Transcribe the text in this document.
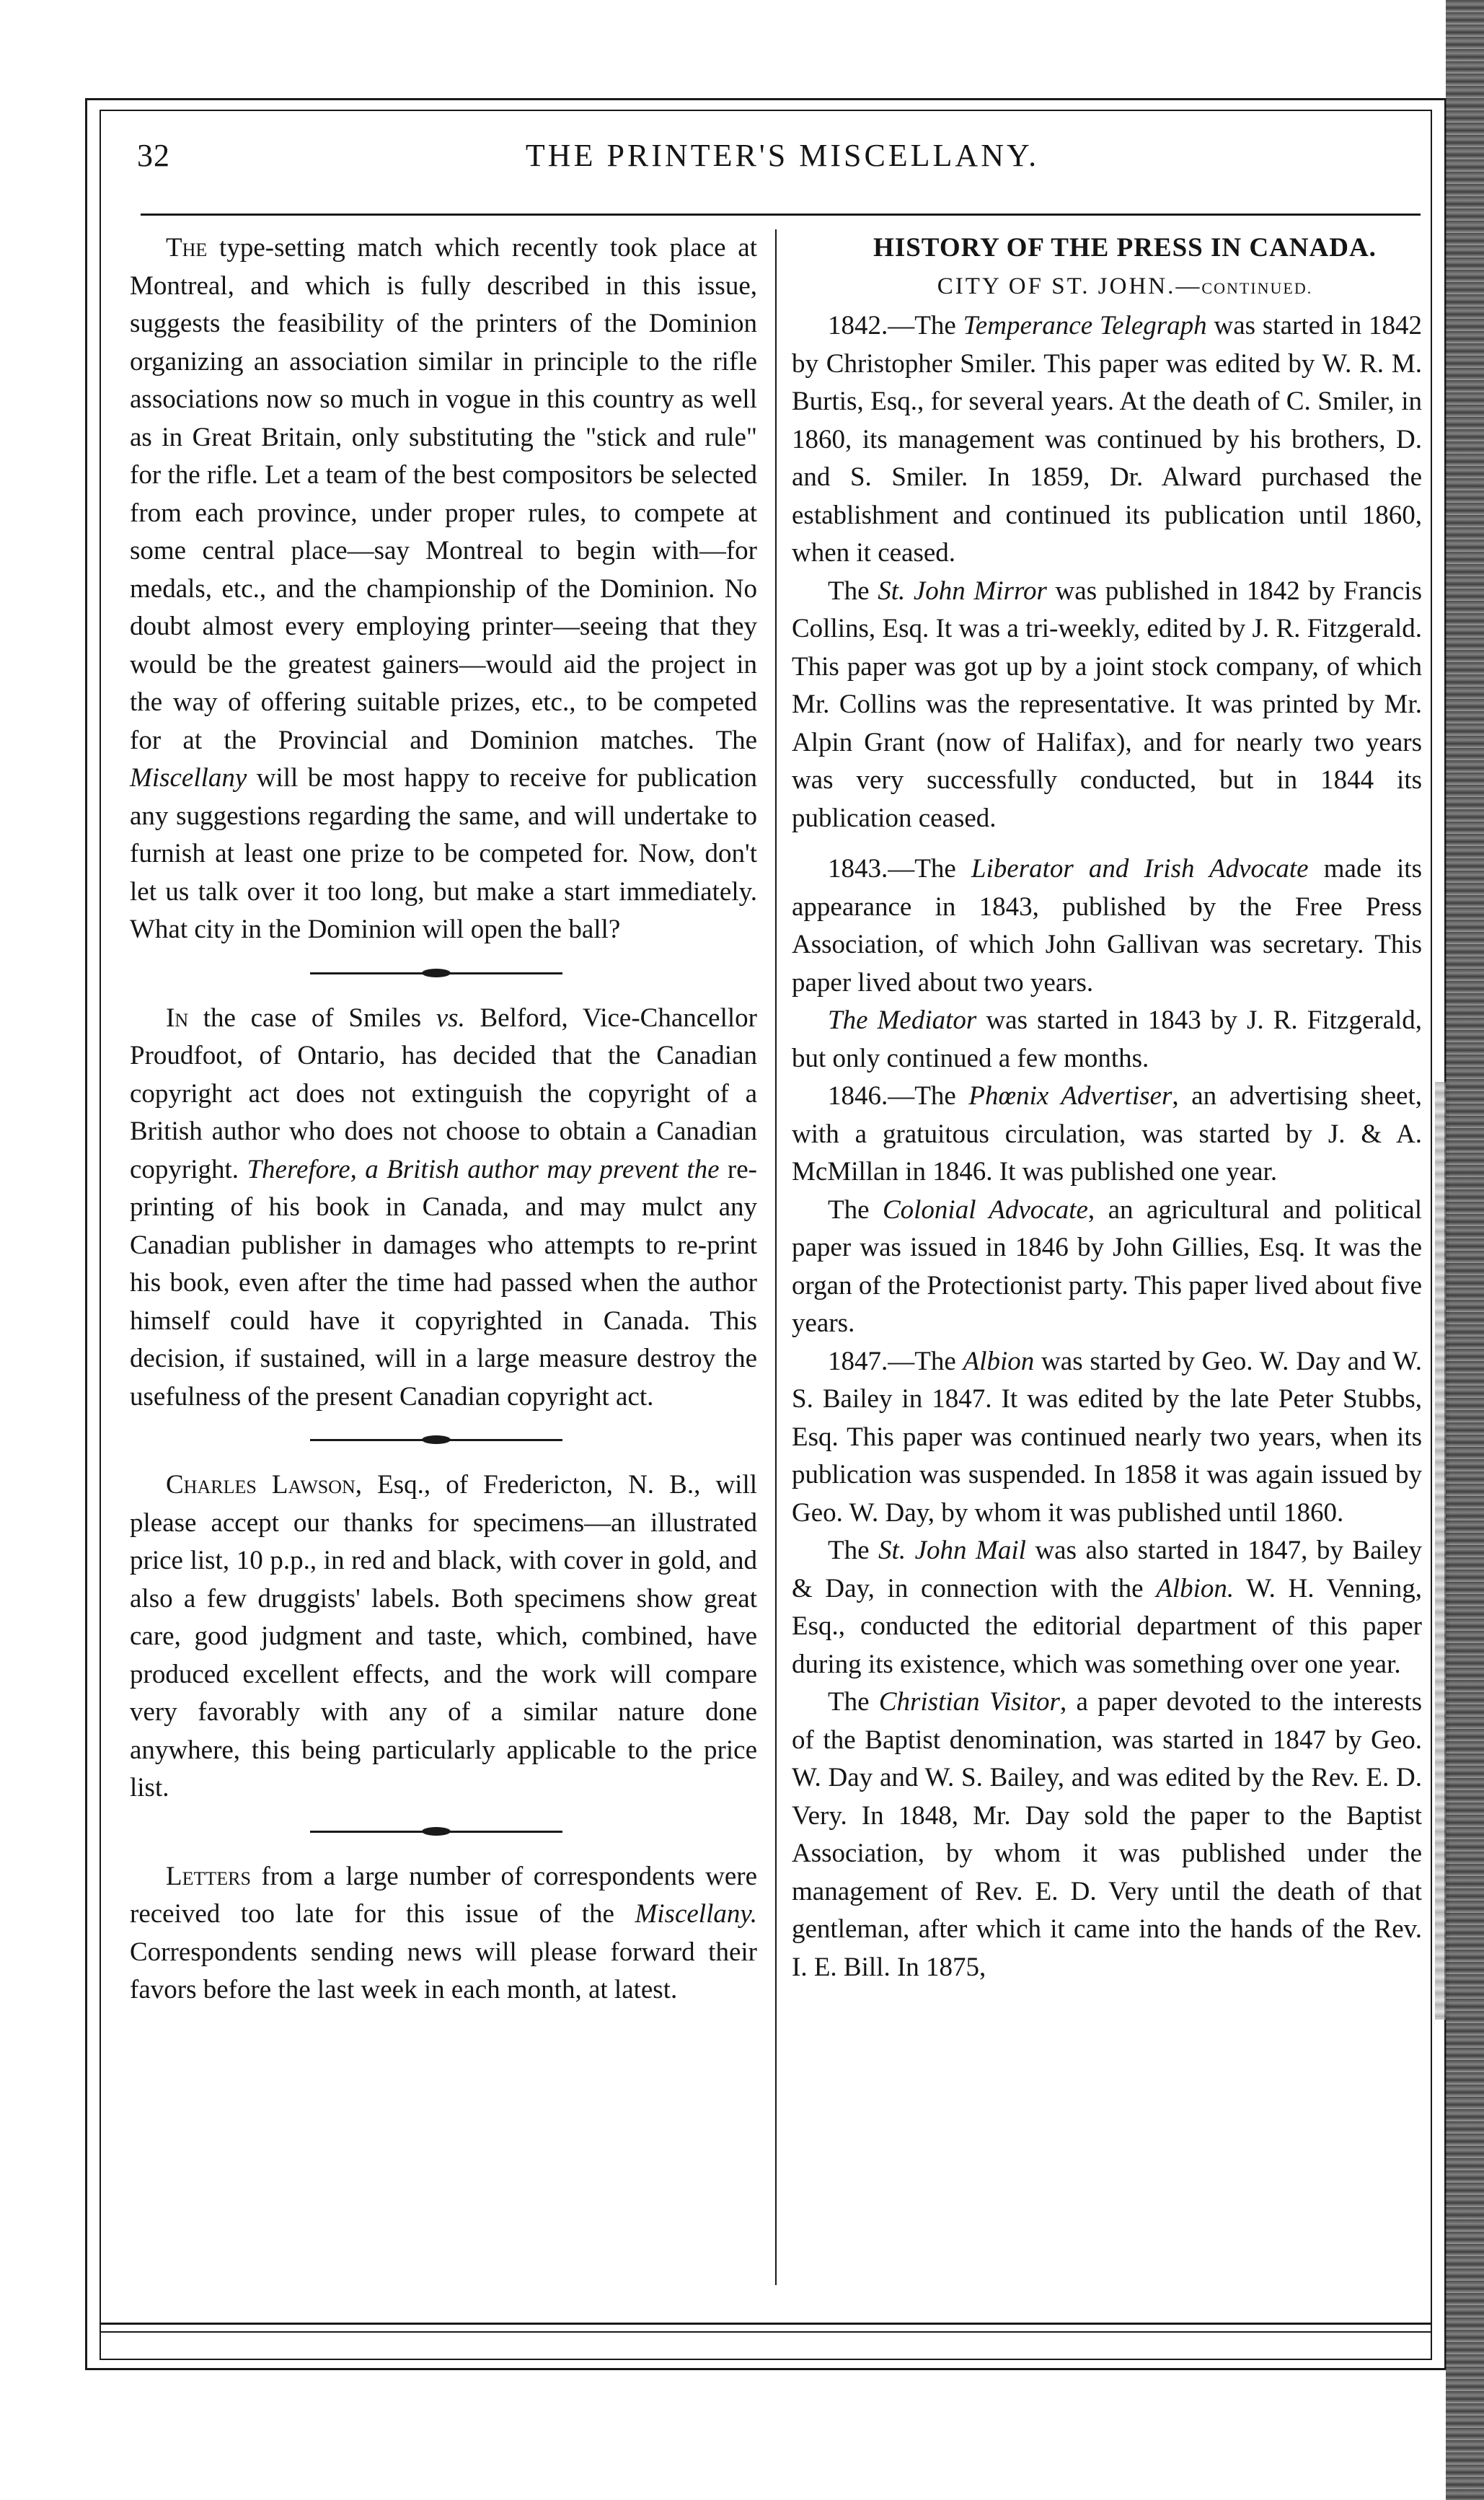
32	THE PRINTER'S MISCELLANY.

The type-setting match which recently took place at Montreal, and which is fully described in this issue, suggests the feasibility of the printers of the Dominion organizing an association similar in principle to the rifle associations now so much in vogue in this country as well as in Great Britain, only substituting the "stick and rule" for the rifle. Let a team of the best compositors be selected from each province, under proper rules, to compete at some central place—say Montreal to begin with—for medals, etc., and the championship of the Dominion. No doubt almost every employing printer—seeing that they would be the greatest gainers—would aid the project in the way of offering suitable prizes, etc., to be competed for at the Provincial and Dominion matches. The Miscellany will be most happy to receive for publication any suggestions regarding the same, and will undertake to furnish at least one prize to be competed for. Now, don't let us talk over it too long, but make a start immediately. What city in the Dominion will open the ball?

In the case of Smiles vs. Belford, Vice-Chancellor Proudfoot, of Ontario, has decided that the Canadian copyright act does not extinguish the copyright of a British author who does not choose to obtain a Canadian copyright. Therefore, a British author may prevent the re-printing of his book in Canada, and may mulct any Canadian publisher in damages who attempts to re-print his book, even after the time had passed when the author himself could have it copyrighted in Canada. This decision, if sustained, will in a large measure destroy the usefulness of the present Canadian copyright act.

Charles Lawson, Esq., of Fredericton, N. B., will please accept our thanks for specimens—an illustrated price list, 10 p.p., in red and black, with cover in gold, and also a few druggists' labels. Both specimens show great care, good judgment and taste, which, combined, have produced excellent effects, and the work will compare very favorably with any of a similar nature done anywhere, this being particularly applicable to the price list.

Letters from a large number of correspondents were received too late for this issue of the Miscellany. Correspondents sending news will please forward their favors before the last week in each month, at latest.

HISTORY OF THE PRESS IN CANADA.

CITY OF ST. JOHN.—CONTINUED.

1842.—The Temperance Telegraph was started in 1842 by Christopher Smiler. This paper was edited by W. R. M. Burtis, Esq., for several years. At the death of C. Smiler, in 1860, its management was continued by his brothers, D. and S. Smiler. In 1859, Dr. Alward purchased the establishment and continued its publication until 1860, when it ceased.

The St. John Mirror was published in 1842 by Francis Collins, Esq. It was a tri-weekly, edited by J. R. Fitzgerald. This paper was got up by a joint stock company, of which Mr. Collins was the representative. It was printed by Mr. Alpin Grant (now of Halifax), and for nearly two years was very successfully conducted, but in 1844 its publication ceased.

1843.—The Liberator and Irish Advocate made its appearance in 1843, published by the Free Press Association, of which John Gallivan was secretary. This paper lived about two years.

The Mediator was started in 1843 by J. R. Fitzgerald, but only continued a few months.

1846.—The Phœnix Advertiser, an advertising sheet, with a gratuitous circulation, was started by J. & A. McMillan in 1846. It was published one year.

The Colonial Advocate, an agricultural and political paper was issued in 1846 by John Gillies, Esq. It was the organ of the Protectionist party. This paper lived about five years.

1847.—The Albion was started by Geo. W. Day and W. S. Bailey in 1847. It was edited by the late Peter Stubbs, Esq. This paper was continued nearly two years, when its publication was suspended. In 1858 it was again issued by Geo. W. Day, by whom it was published until 1860.

The St. John Mail was also started in 1847, by Bailey & Day, in connection with the Albion. W. H. Venning, Esq., conducted the editorial department of this paper during its existence, which was something over one year.

The Christian Visitor, a paper devoted to the interests of the Baptist denomination, was started in 1847 by Geo. W. Day and W. S. Bailey, and was edited by the Rev. E. D. Very. In 1848, Mr. Day sold the paper to the Baptist Association, by whom it was published under the management of Rev. E. D. Very until the death of that gentleman, after which it came into the hands of the Rev. I. E. Bill. In 1875,
